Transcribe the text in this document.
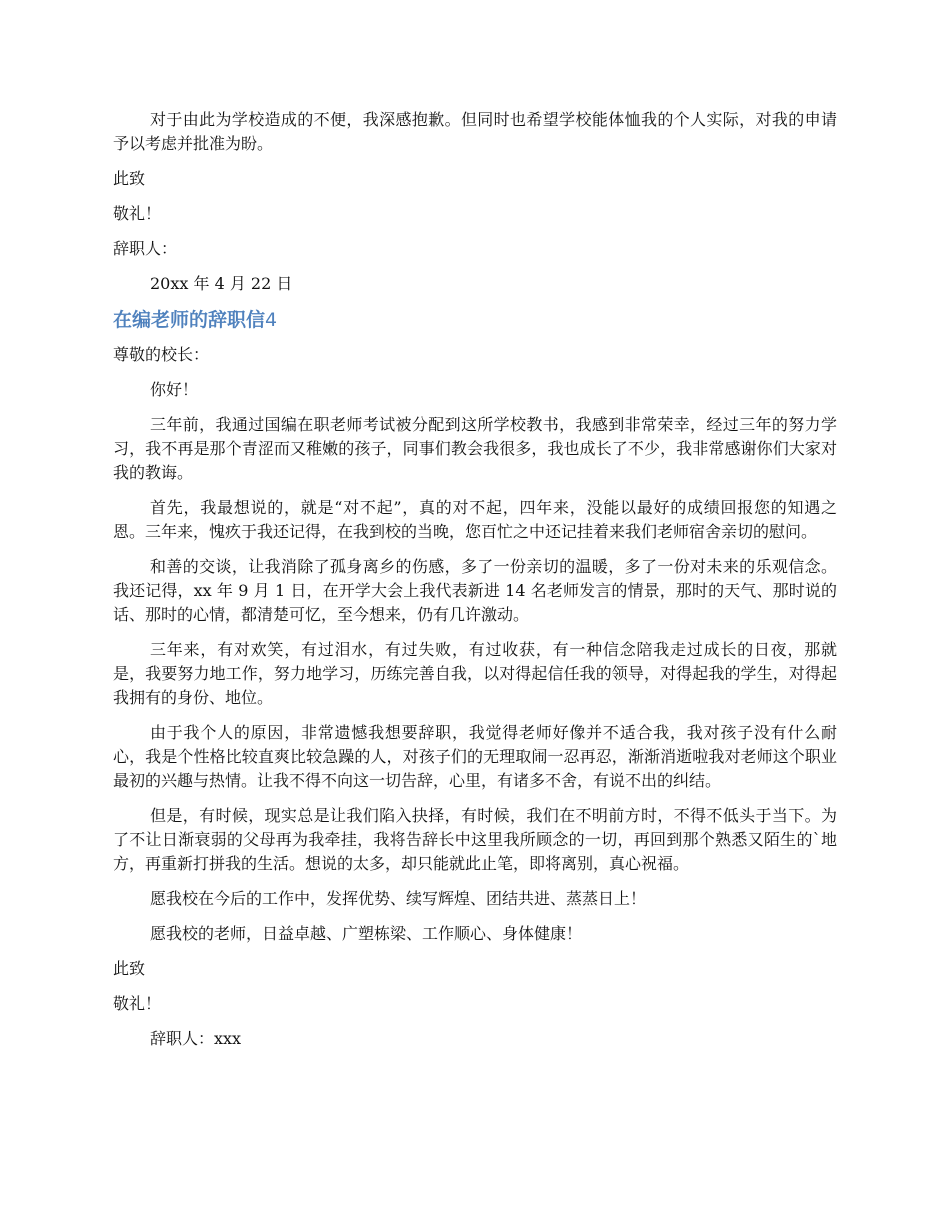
对于由此为学校造成的不便，我深感抱歉。但同时也希望学校能体恤我的个人实际，对我的申请予以考虑并批准为盼。

此致

敬礼！

辞职人：

20xx 年 4 月 22 日

在编老师的辞职信4

尊敬的校长：

你好！

三年前，我通过国编在职老师考试被分配到这所学校教书，我感到非常荣幸，经过三年的努力学习，我不再是那个青涩而又稚嫩的孩子，同事们教会我很多，我也成长了不少，我非常感谢你们大家对我的教诲。

首先，我最想说的，就是“对不起”，真的对不起，四年来，没能以最好的成绩回报您的知遇之恩。三年来，愧疚于我还记得，在我到校的当晚，您百忙之中还记挂着来我们老师宿舍亲切的慰问。

和善的交谈，让我消除了孤身离乡的伤感，多了一份亲切的温暖，多了一份对未来的乐观信念。我还记得，xx 年 9 月 1 日，在开学大会上我代表新进 14 名老师发言的情景，那时的天气、那时说的话、那时的心情，都清楚可忆，至今想来，仍有几许激动。

三年来，有对欢笑，有过泪水，有过失败，有过收获，有一种信念陪我走过成长的日夜，那就是，我要努力地工作，努力地学习，历练完善自我，以对得起信任我的领导，对得起我的学生，对得起我拥有的身份、地位。

由于我个人的原因，非常遗憾我想要辞职，我觉得老师好像并不适合我，我对孩子没有什么耐心，我是个性格比较直爽比较急躁的人，对孩子们的无理取闹一忍再忍，渐渐消逝啦我对老师这个职业最初的兴趣与热情。让我不得不向这一切告辞，心里，有诸多不舍，有说不出的纠结。

但是，有时候，现实总是让我们陷入抉择，有时候，我们在不明前方时，不得不低头于当下。为了不让日渐衰弱的父母再为我牵挂，我将告辞长中这里我所顾念的一切，再回到那个熟悉又陌生的`地方，再重新打拼我的生活。想说的太多，却只能就此止笔，即将离别，真心祝福。

愿我校在今后的工作中，发挥优势、续写辉煌、团结共进、蒸蒸日上！

愿我校的老师，日益卓越、广塑栋梁、工作顺心、身体健康！

此致

敬礼！

辞职人：xxx
